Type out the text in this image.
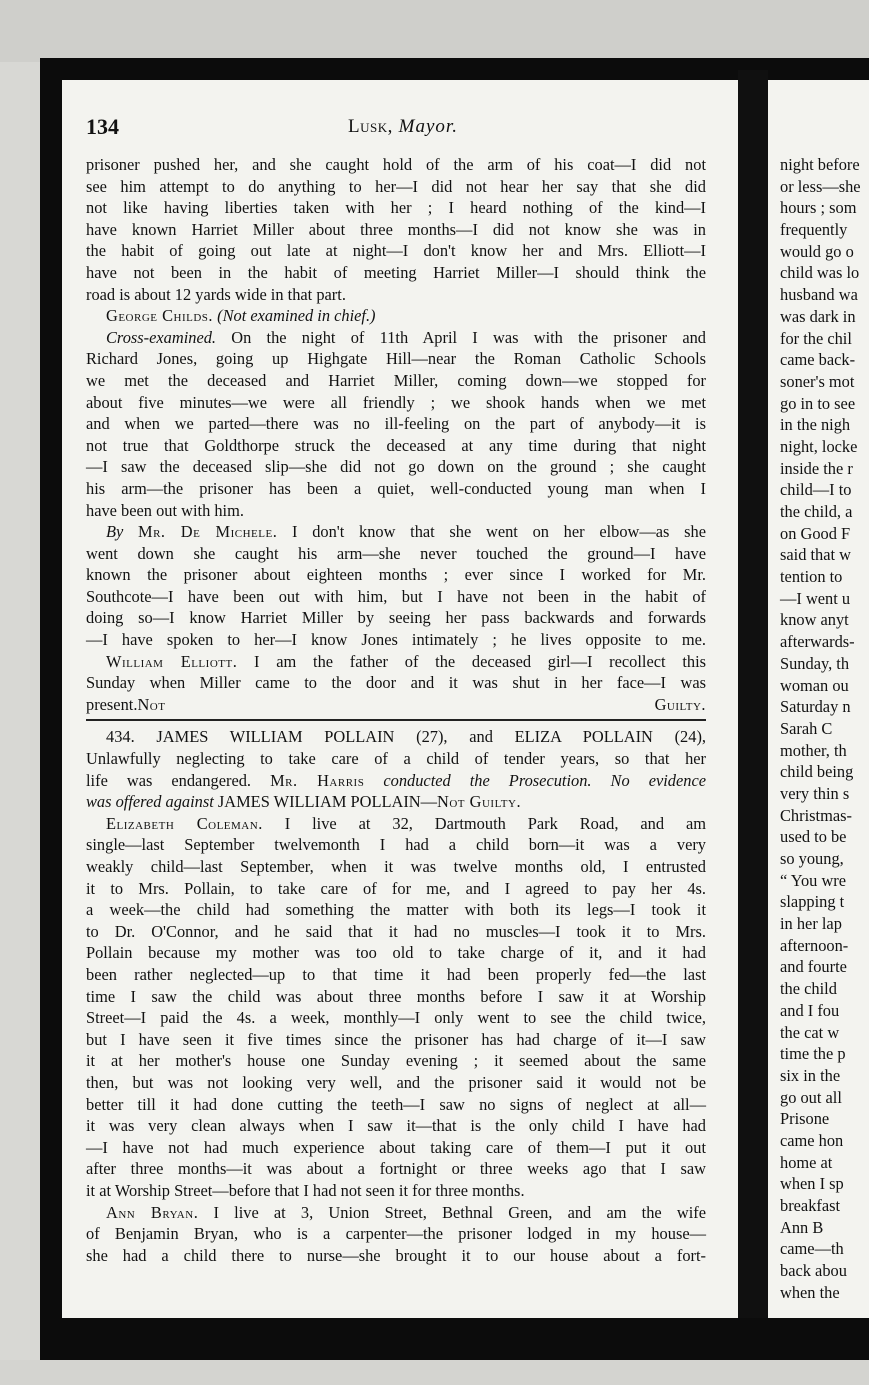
134	Lusk, Mayor.
prisoner pushed her, and she caught hold of the arm of his coat—I did not
see him attempt to do anything to her—I did not hear her say that she did
not like having liberties taken with her ; I heard nothing of the kind—I
have known Harriet Miller about three months—I did not know she was in
the habit of going out late at night—I don't know her and Mrs. Elliott—I
have not been in the habit of meeting Harriet Miller—I should think the
road is about 12 yards wide in that part.
George Childs. (Not examined in chief.)
Cross-examined. On the night of 11th April I was with the prisoner and
Richard Jones, going up Highgate Hill—near the Roman Catholic Schools
we met the deceased and Harriet Miller, coming down—we stopped for
about five minutes—we were all friendly ; we shook hands when we met
and when we parted—there was no ill-feeling on the part of anybody—it is
not true that Goldthorpe struck the deceased at any time during that night
—I saw the deceased slip—she did not go down on the ground ; she caught
his arm—the prisoner has been a quiet, well-conducted young man when I
have been out with him.
By Mr. De Michele. I don't know that she went on her elbow—as she
went down she caught his arm—she never touched the ground—I have
known the prisoner about eighteen months ; ever since I worked for Mr.
Southcote—I have been out with him, but I have not been in the habit of
doing so—I know Harriet Miller by seeing her pass backwards and forwards
—I have spoken to her—I know Jones intimately ; he lives opposite to me.
William Elliott. I am the father of the deceased girl—I recollect this
Sunday when Miller came to the door and it was shut in her face—I was
present.Not Guilty.
434. JAMES WILLIAM POLLAIN (27), and ELIZA POLLAIN (24),
Unlawfully neglecting to take care of a child of tender years, so that her
life was endangered. Mr. Harris conducted the Prosecution. No evidence
was offered against JAMES WILLIAM POLLAIN—Not Guilty.
Elizabeth Coleman. I live at 32, Dartmouth Park Road, and am
single—last September twelvemonth I had a child born—it was a very
weakly child—last September, when it was twelve months old, I entrusted
it to Mrs. Pollain, to take care of for me, and I agreed to pay her 4s.
a week—the child had something the matter with both its legs—I took it
to Dr. O'Connor, and he said that it had no muscles—I took it to Mrs.
Pollain because my mother was too old to take charge of it, and it had
been rather neglected—up to that time it had been properly fed—the last
time I saw the child was about three months before I saw it at Worship
Street—I paid the 4s. a week, monthly—I only went to see the child twice,
but I have seen it five times since the prisoner has had charge of it—I saw
it at her mother's house one Sunday evening ; it seemed about the same
then, but was not looking very well, and the prisoner said it would not be
better till it had done cutting the teeth—I saw no signs of neglect at all—
it was very clean always when I saw it—that is the only child I have had
—I have not had much experience about taking care of them—I put it out
after three months—it was about a fortnight or three weeks ago that I saw
it at Worship Street—before that I had not seen it for three months.
Ann Bryan. I live at 3, Union Street, Bethnal Green, and am the wife
of Benjamin Bryan, who is a carpenter—the prisoner lodged in my house—
she had a child there to nurse—she brought it to our house about a fort-
night before
or less—she
hours ; som
frequently
would go o
child was lo
husband wa
was dark in
for the chil
came back-
soner's mot
go in to see
in the nigh
night, locke
inside the r
child—I to
the child, a
on Good F
said that w
tention to
—I went u
know anyt
afterwards-
Sunday, th
woman ou
Saturday n
Sarah C
mother, th
child being
very thin s
Christmas-
used to be
so young,
“ You wre
slapping t
in her lap
afternoon-
and fourte
the child
and I fou
the cat w
time the p
six in the
go out all
Prisone
came hon
home at
when I sp
breakfast
Ann B
came—th
back abou
when the
